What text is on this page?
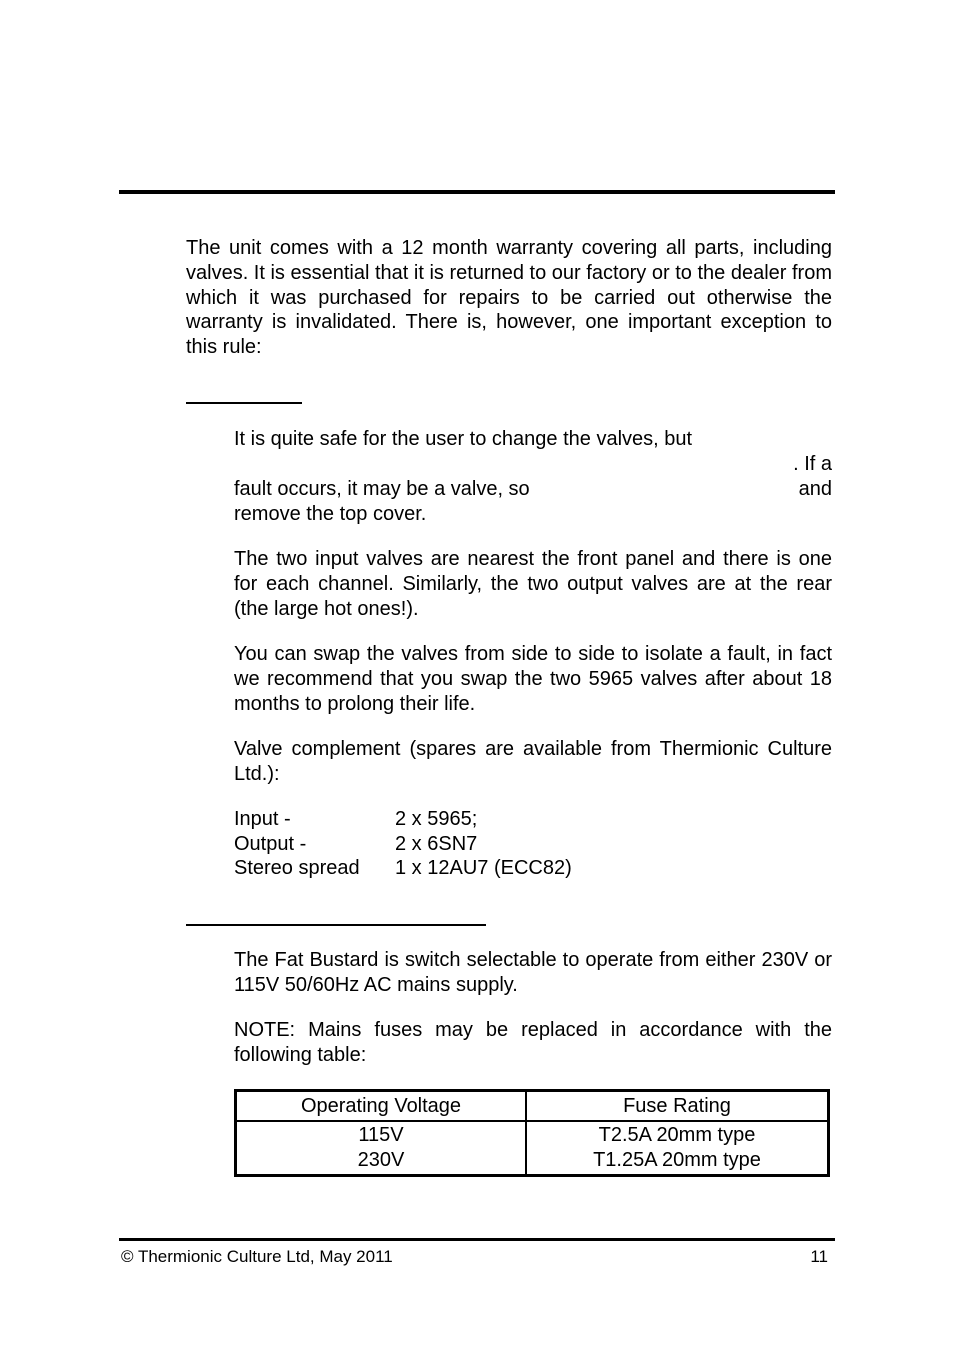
The unit comes with a 12 month warranty covering all parts, including valves. It is essential that it is returned to our factory or to the dealer from which it was purchased for repairs to be carried out otherwise the warranty is invalidated. There is, however, one important exception to this rule:

It is quite safe for the user to change the valves, but
. If a
fault occurs, it may be a valve, so	and
remove the top cover.

The two input valves are nearest the front panel and there is one for each channel. Similarly, the two output valves are at the rear (the large hot ones!).

You can swap the valves from side to side to isolate a fault, in fact we recommend that you swap the two 5965 valves after about 18 months to prolong their life.

Valve complement (spares are available from Thermionic Culture Ltd.):

Input -	2 x 5965;
Output -	2 x 6SN7
Stereo spread	1 x 12AU7 (ECC82)

The Fat Bustard is switch selectable to operate from either 230V or 115V 50/60Hz AC mains supply.

NOTE: Mains fuses may be replaced in accordance with the following table:

Operating Voltage	Fuse Rating
115V	T2.5A 20mm type
230V	T1.25A 20mm type
© Thermionic Culture Ltd, May 2011	11
